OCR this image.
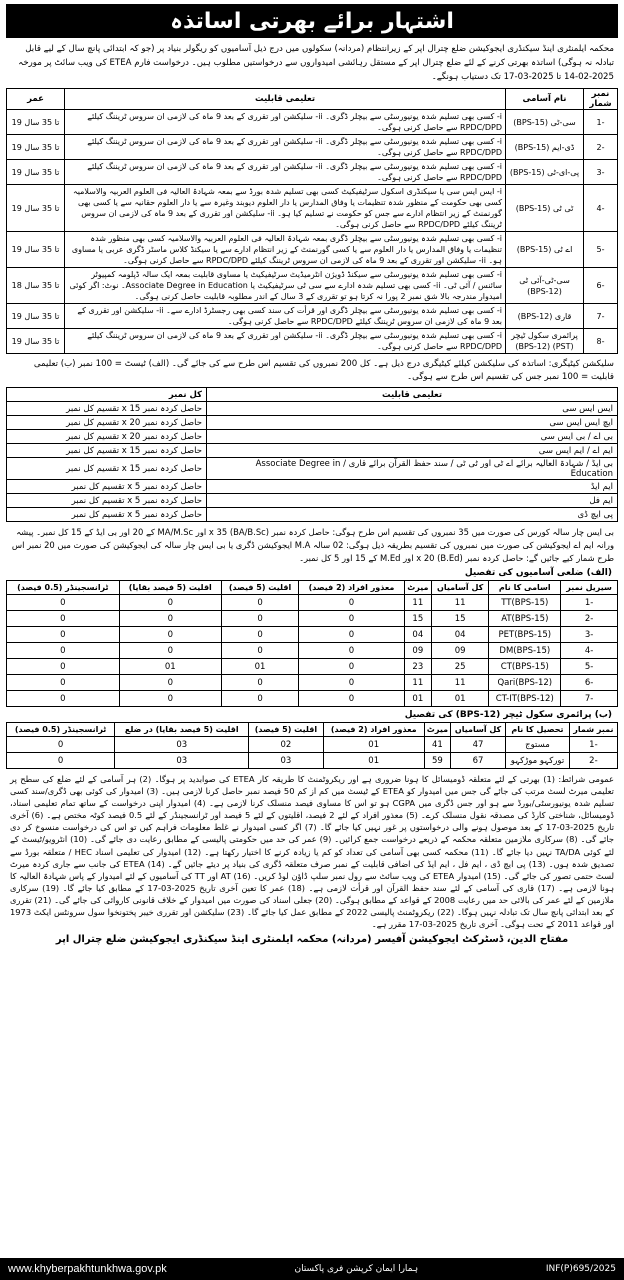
اشتہار برائے بھرتی اساتذہ
محکمہ ایلمنٹری اینڈ سیکنڈری ایجوکیشن ضلع چترال اپر کے زیرانتظام (مردانہ) سکولوں میں درج ذیل آسامیوں کو ریگولر بنیاد پر (جو کہ ابتدائی پانچ سال کے لیے قابل تبادلہ نہ ہوگی) اساتذہ بھرتی کرنے کے لئے ضلع چترال اپر کے مستقل رہائشی امیدواروں سے درخواستیں مطلوب ہیں۔ درخواست فارم ETEA کی ویب سائٹ پر مورخہ 2025-02-14 تا 2025-03-17 تک دستیاب ہونگے۔
نمبر شمار	نام آسامی	تعلیمی قابلیت	عمر
-1	سی-ٹی (BPS-15)	i- کسی بھی تسلیم شدہ یونیورسٹی سے بیچلر ڈگری۔ ii- سلیکشن اور تقرری کے بعد 9 ماہ کی لازمی ان سروس ٹریننگ کیلئے RPDC/DPD سے حاصل کرنی ہوگی۔	19 تا 35 سال
-2	ڈی-ایم (BPS-15)	i- کسی بھی تسلیم شدہ یونیورسٹی سے بیچلر ڈگری۔ ii- سلیکشن اور تقرری کے بعد 9 ماہ کی لازمی ان سروس ٹریننگ کیلئے RPDC/DPD سے حاصل کرنی ہوگی۔	19 تا 35 سال
-3	پی-ای-ٹی (BPS-15)	i- کسی بھی تسلیم شدہ یونیورسٹی سے بیچلر ڈگری۔ ii- سلیکشن اور تقرری کے بعد 9 ماہ کی لازمی ان سروس ٹریننگ کیلئے RPDC/DPD سے حاصل کرنی ہوگی۔	19 تا 35 سال
-4	ٹی ٹی (BPS-15)	i- ایس ایس سی یا سیکنڈری اسکول سرٹیفیکیٹ کسی بھی تسلیم شدہ بورڈ سے بمعہ شہادۃ العالیہ فی العلوم العربیہ والاسلامیہ کسی بھی حکومت کے منظور شدہ تنظیمات یا وفاق المدارس یا دار العلوم دیوبند وغیرہ سے یا دار العلوم حقانیہ سے یا کسی بھی گورنمنٹ کے زیر انتظام ادارے سے جس کو حکومت نے تسلیم کیا ہو۔ ii- سلیکشن اور تقرری کے بعد 9 ماہ کی لازمی ان سروس ٹریننگ کیلئے RPDC/DPD سے حاصل کرنی ہوگی۔	19 تا 35 سال
-5	اے ٹی (BPS-15)	i- کسی بھی تسلیم شدہ یونیورسٹی سے بیچلر ڈگری بمعہ شہادۃ العالیہ فی العلوم العربیہ والاسلامیہ کسی بھی منظور شدہ تنظیمات یا وفاق المدارس یا دار العلوم سے یا کسی گورنمنٹ کے زیر انتظام ادارے سے یا سیکنڈ کلاس ماسٹر ڈگری عربی یا مساوی ہو۔ ii- سلیکشن اور تقرری کے بعد 9 ماہ کی لازمی ان سروس ٹریننگ کیلئے RPDC/DPD سے حاصل کرنی ہوگی۔	19 تا 35 سال
-6	سی-ٹی-آئی ٹی (BPS-12)	i- کسی بھی تسلیم شدہ یونیورسٹی سے سیکنڈ ڈویژن انٹرمیڈیٹ سرٹیفیکیٹ یا مساوی قابلیت بمعہ ایک سالہ ڈپلومہ کمپیوٹر سائنس / آئی ٹی۔ ii- کسی بھی تسلیم شدہ ادارے سے سی ٹی سرٹیفیکیٹ یا Associate Degree in Education۔ نوٹ: اگر کوئی امیدوار مندرجہ بالا شق نمبر 2 پورا نہ کرتا ہو تو تقرری کے 3 سال کے اندر مطلوبہ قابلیت حاصل کرنی ہوگی۔	18 تا 35 سال
-7	قاری (BPS-12)	i- کسی بھی تسلیم شدہ یونیورسٹی سے بیچلر ڈگری اور قرأت کی سند کسی بھی رجسٹرڈ ادارے سے۔ ii- سلیکشن اور تقرری کے بعد 9 ماہ کی لازمی ان سروس ٹریننگ کیلئے RPDC/DPD سے حاصل کرنی ہوگی۔	19 تا 35 سال
-8	پرائمری سکول ٹیچر (PST) (BPS-12)	i- کسی بھی تسلیم شدہ یونیورسٹی سے بیچلر ڈگری۔ ii- سلیکشن اور تقرری کے بعد 9 ماہ کی لازمی ان سروس ٹریننگ کیلئے RPDC/DPD سے حاصل کرنی ہوگی۔	19 تا 35 سال
سلیکشن کیٹیگری: اساتذہ کی سلیکشن کیلئے کیٹیگری درج ذیل ہے۔ کل 200 نمبروں کی تقسیم اس طرح سے کی جائے گی۔ (الف) ٹیسٹ = 100 نمبر (ب) تعلیمی قابلیت = 100 نمبر جس کی تقسیم اس طرح سے ہوگی۔
تعلیمی قابلیت	کل نمبر
ایس ایس سی	حاصل کردہ نمبر x 15 تقسیم کل نمبر
ایچ ایس ایس سی	حاصل کردہ نمبر x 20 تقسیم کل نمبر
بی اے / بی ایس سی	حاصل کردہ نمبر x 20 تقسیم کل نمبر
ایم اے / ایم ایس سی	حاصل کردہ نمبر x 15 تقسیم کل نمبر
بی ایڈ / شہادۃ العالیہ برائے اے ٹی اور ٹی ٹی / سند حفظ القرآن برائے قاری / Associate Degree in Education	حاصل کردہ نمبر x 15 تقسیم کل نمبر
ایم ایڈ	حاصل کردہ نمبر x 5 تقسیم کل نمبر
ایم فل	حاصل کردہ نمبر x 5 تقسیم کل نمبر
پی ایچ ڈی	حاصل کردہ نمبر x 5 تقسیم کل نمبر
بی ایس چار سالہ کورس کی صورت میں 35 نمبروں کی تقسیم اس طرح ہوگی: حاصل کردہ نمبر (BA/B.Sc) x 35 اور MA/M.Sc کے 20 اور بی ایڈ کے 15 کل نمبر۔ پیشہ ورانہ ایم اے ایجوکیشن کی صورت میں نمبروں کی تقسیم بطریقہ ذیل ہوگی: 02 سالہ M.A ایجوکیشن ڈگری یا بی ایس چار سالہ کی ایجوکیشن کی صورت میں 20 نمبر اس طرح شمار کیے جائیں گے: حاصل کردہ نمبر (B.Ed) x 20 اور M.Ed کے 15 اور 5 کل نمبر۔
(الف) ضلعی آسامیوں کی تفصیل
سیریل نمبر	اسامی کا نام	کل آسامیاں	میرٹ	معذور افراد (2 فیصد)	اقلیت (5 فیصد)	اقلیت (5 فیصد بقایا)	ٹرانسجینڈر (0.5 فیصد)
-1	TT(BPS-15)	11	11	0	0	0	0
-2	AT(BPS-15)	15	15	0	0	0	0
-3	PET(BPS-15)	04	04	0	0	0	0
-4	DM(BPS-15)	09	09	0	0	0	0
-5	CT(BPS-15)	25	23	0	01	01	0
-6	Qari(BPS-12)	11	11	0	0	0	0
-7	CT-IT(BPS-12)	01	01	0	0	0	0
(ب) پرائمری سکول ٹیچر (BPS-12) کی تفصیل
نمبر شمار	تحصیل کا نام	کل آسامیاں	میرٹ	معذور افراد (2 فیصد)	اقلیت (5 فیصد)	اقلیت (5 فیصد بقایا) در ضلع	ٹرانسجینڈر (0.5 فیصد)
-1	مستوج	47	41	01	02	03	0
-2	تورکہو موڑکہو	67	59	01	03	03	0
عمومی شرائط: (1) بھرتی کے لئے متعلقہ ڈومیسائل کا ہونا ضروری ہے اور ریکروٹمنٹ کا طریقہ کار ETEA کی صوابدید پر ہوگا۔ (2) ہر آسامی کے لئے ضلع کی سطح پر تعلیمی میرٹ لسٹ مرتب کی جائے گی جس میں امیدوار کو ETEA کے ٹیسٹ میں کم از کم 50 فیصد نمبر حاصل کرنا لازمی ہیں۔ (3) امیدوار کی کوئی بھی ڈگری/سند کسی تسلیم شدہ یونیورسٹی/بورڈ سے ہو اور جس ڈگری میں CGPA ہو تو اس کا مساوی فیصد منسلک کرنا لازمی ہے۔ (4) امیدوار اپنی درخواست کے ساتھ تمام تعلیمی اسناد، ڈومیسائل، شناختی کارڈ کی مصدقہ نقول منسلک کرے۔ (5) معذور افراد کے لئے 2 فیصد، اقلیتوں کے لئے 5 فیصد اور ٹرانسجینڈر کے لئے 0.5 فیصد کوٹہ مختص ہے۔ (6) آخری تاریخ 2025-03-17 کے بعد موصول ہونے والی درخواستوں پر غور نہیں کیا جائے گا۔ (7) اگر کسی امیدوار نے غلط معلومات فراہم کیں تو اس کی درخواست منسوخ کر دی جائے گی۔ (8) سرکاری ملازمین متعلقہ محکمہ کے ذریعے درخواست جمع کرائیں۔ (9) عمر کی حد میں حکومتی پالیسی کے مطابق رعایت دی جائے گی۔ (10) انٹرویو/ٹیسٹ کے لئے کوئی TA/DA نہیں دیا جائے گا۔ (11) محکمہ کسی بھی آسامی کی تعداد کو کم یا زیادہ کرنے کا اختیار رکھتا ہے۔ (12) امیدوار کی تعلیمی اسناد HEC / متعلقہ بورڈ سے تصدیق شدہ ہوں۔ (13) پی ایچ ڈی ، ایم فل ، ایم ایڈ کی اضافی قابلیت کے نمبر صرف متعلقہ ڈگری کی بنیاد پر دیئے جائیں گے۔ (14) ETEA کی جانب سے جاری کردہ میرٹ لسٹ حتمی تصور کی جائے گی۔ (15) امیدوار ETEA کی ویب سائٹ سے رول نمبر سلپ ڈاؤن لوڈ کریں۔ (16) AT اور TT کی آسامیوں کے لئے امیدوار کے پاس شہادۃ العالیہ کا ہونا لازمی ہے۔ (17) قاری کی آسامی کے لئے سند حفظ القرآن اور قرأت لازمی ہے۔ (18) عمر کا تعین آخری تاریخ 2025-03-17 کے مطابق کیا جائے گا۔ (19) سرکاری ملازمین کے لئے عمر کی بالائی حد میں رعایت 2008 کے قواعد کے مطابق ہوگی۔ (20) جعلی اسناد کی صورت میں امیدوار کے خلاف قانونی کاروائی کی جائے گی۔ (21) تقرری کے بعد ابتدائی پانچ سال تک تبادلہ نہیں ہوگا۔ (22) ریکروٹمنٹ پالیسی 2022 کے مطابق عمل کیا جائے گا۔ (23) سلیکشن اور تقرری خیبر پختونخوا سول سرونٹس ایکٹ 1973 اور قواعد 2011 کے تحت ہوگی۔ آخری تاریخ 2025-03-17 مقرر ہے۔
مفتاح الدین، ڈسٹرکٹ ایجوکیشن آفیسر (مردانہ) محکمہ ایلمنٹری اینڈ سیکنڈری ایجوکیشن ضلع چترال اپر
www.khyberpakhtunkhwa.gov.pk	ہمارا ایمان کرپشن فری پاکستان	INF(P)695/2025
